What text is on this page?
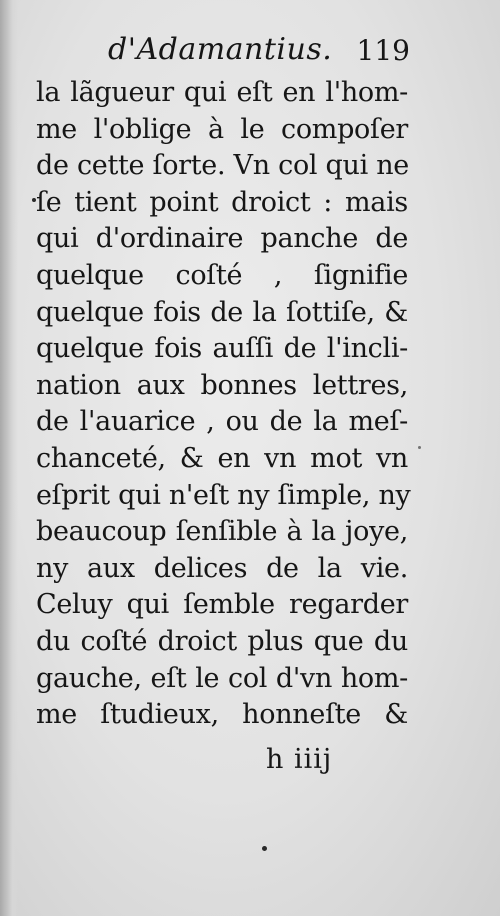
d'Adamantius. 119
la lãgueur qui eſt en l'hom-
me l'oblige à le compoſer
de cette ſorte. Vn col qui ne
ſe tient point droict : mais
qui d'ordinaire panche de
quelque coſté , ſignifie
quelque fois de la ſottiſe, &
quelque fois auſſi de l'incli-
nation aux bonnes lettres,
de l'auarice , ou de la meſ-
chanceté, & en vn mot vn
eſprit qui n'eſt ny ſimple, ny
beaucoup ſenſible à la joye,
ny aux delices de la vie.
Celuy qui ſemble regarder
du coſté droict plus que du
gauche, eſt le col d'vn hom-
me ſtudieux, honneſte &
h iiij
